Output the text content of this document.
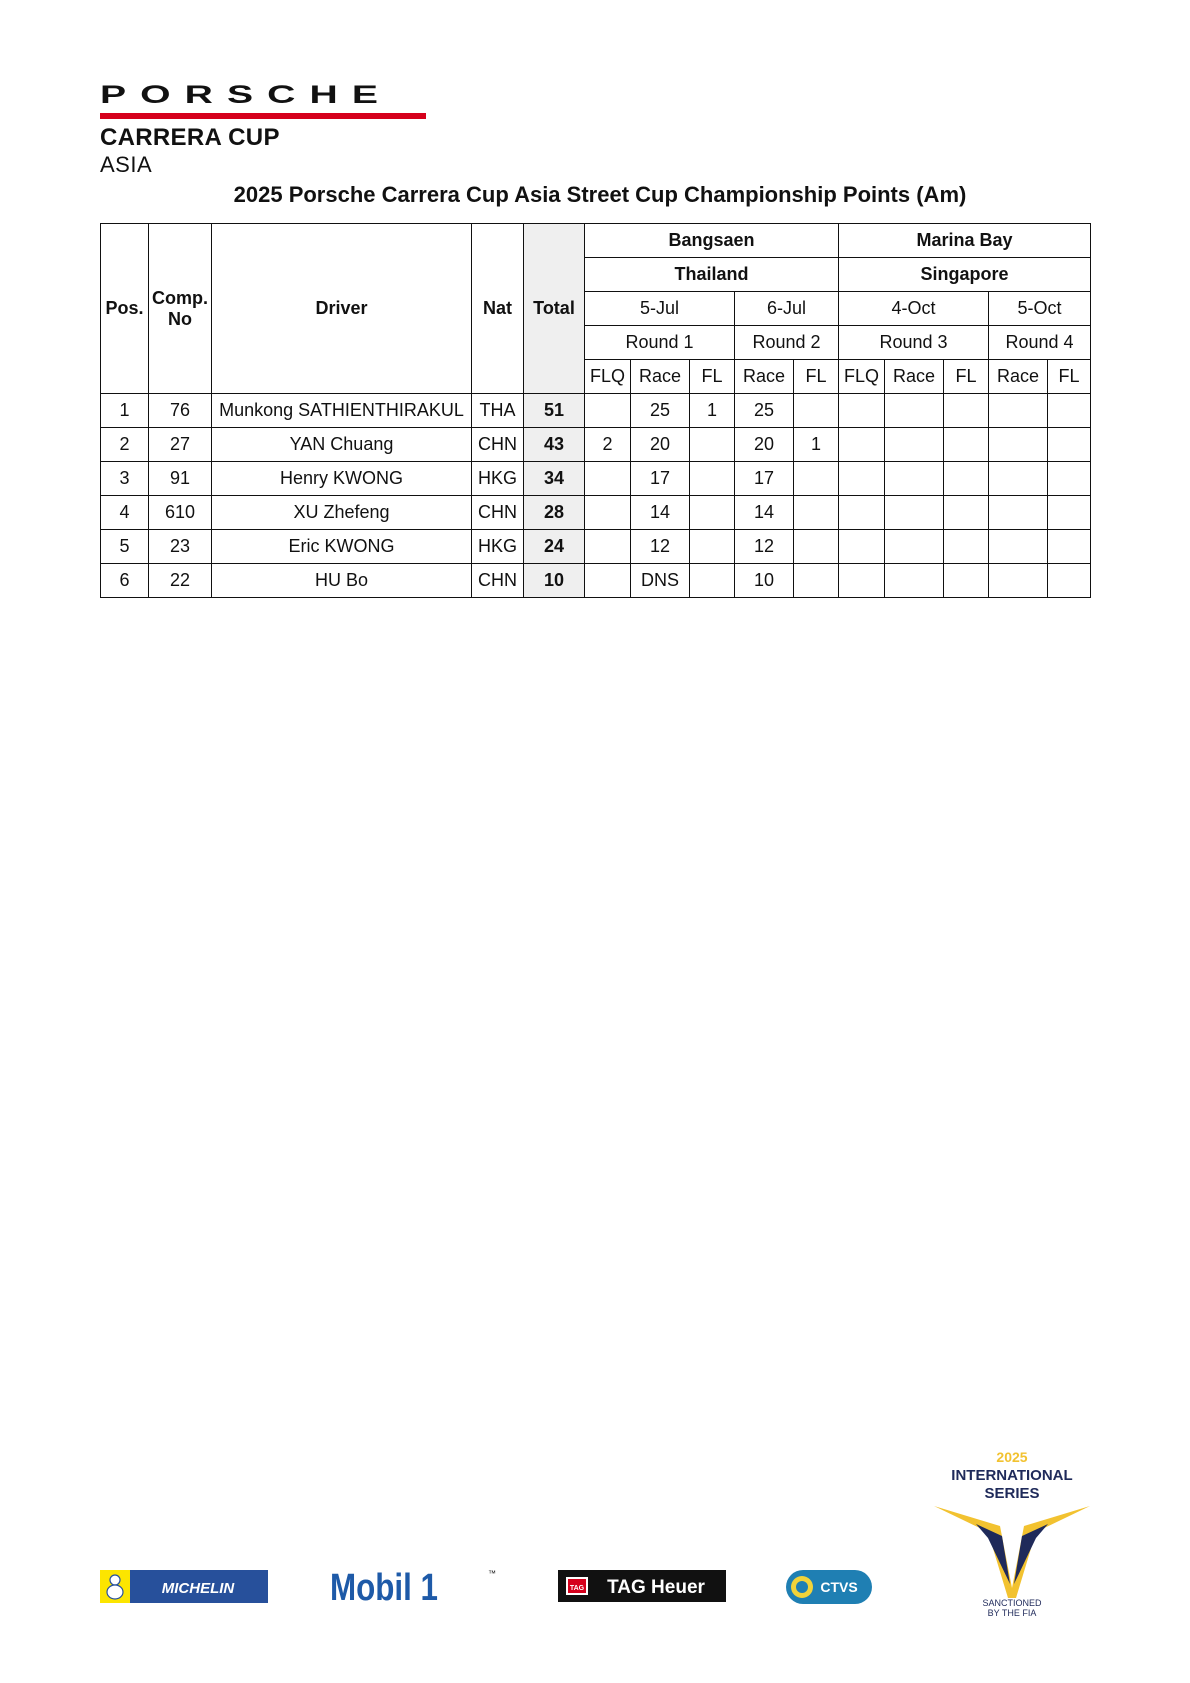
PORSCHE
CARRERA CUP
ASIA
2025 Porsche Carrera Cup Asia Street Cup Championship Points (Am)
Pos.	Comp. No	Driver	Nat	Total	Bangsaen					Marina Bay				
					Thailand					Singapore				
					5-Jul			6-Jul		4-Oct			5-Oct	
					Round 1			Round 2		Round 3			Round 4	
					FLQ	Race	FL	Race	FL	FLQ	Race	FL	Race	FL
1	76	Munkong SATHIENTHIRAKUL	THA	51		25	1	25						
2	27	YAN Chuang	CHN	43	2	20		20	1					
3	91	Henry KWONG	HKG	34		17		17						
4	610	XU Zhefeng	CHN	28		14		14						
5	23	Eric KWONG	HKG	24		12		12						
6	22	HU Bo	CHN	10		DNS		10						
MICHELIN	Mobil 1	™
TAG TAG Heuer	CTVS
2025
INTERNATIONAL
SERIES
SANCTIONED
BY THE FIA
